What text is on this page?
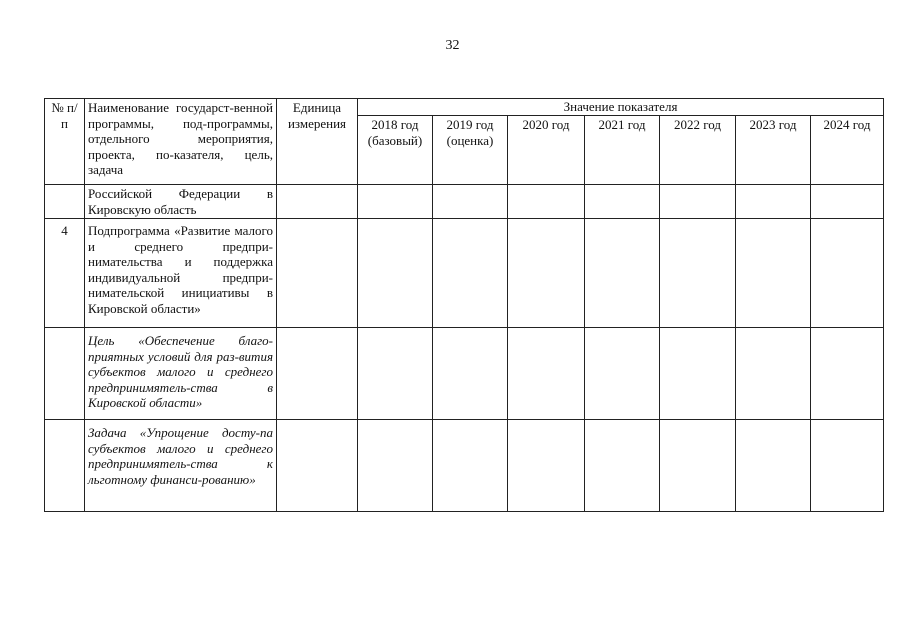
32
№ п/п	Наименование государст-венной программы, под-программы, отдельного мероприятия, проекта, по-казателя, цель, задача	Единица измерения	Значение показателя						
			2018 год (базовый)	2019 год (оценка)	2020 год	2021 год	2022 год	2023 год	2024 год
	Российской Федерации в Кировскую область								
4	Подпрограмма «Развитие малого и среднего предпри-нимательства и поддержка индивидуальной предпри-нимательской инициативы в Кировской области»								
	Цель «Обеспечение благо-приятных условий для раз-вития субъектов малого и среднего предпринимятель-ства в Кировской области»								
	Задача «Упрощение досту-па субъектов малого и среднего предпринимятель-ства к льготному финанси-рованию»								
